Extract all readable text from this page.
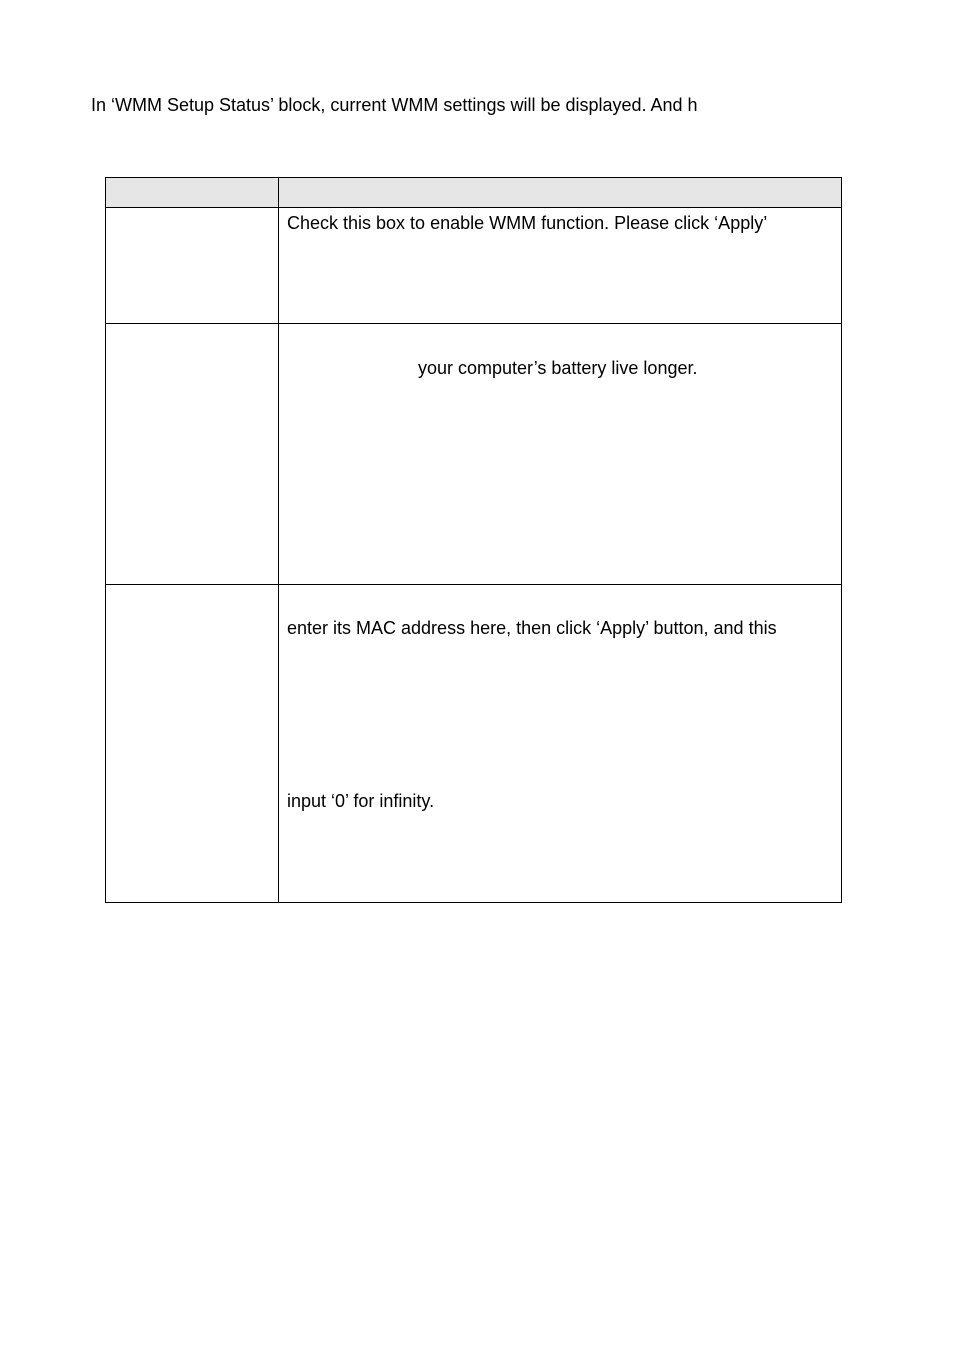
In ‘WMM Setup Status’ block, current WMM settings will be displayed. And h
Check this box to enable WMM function. Please click ‘Apply’
your computer’s battery live longer.
enter its MAC address here, then click ‘Apply’ button, and this
input ‘0’ for infinity.
